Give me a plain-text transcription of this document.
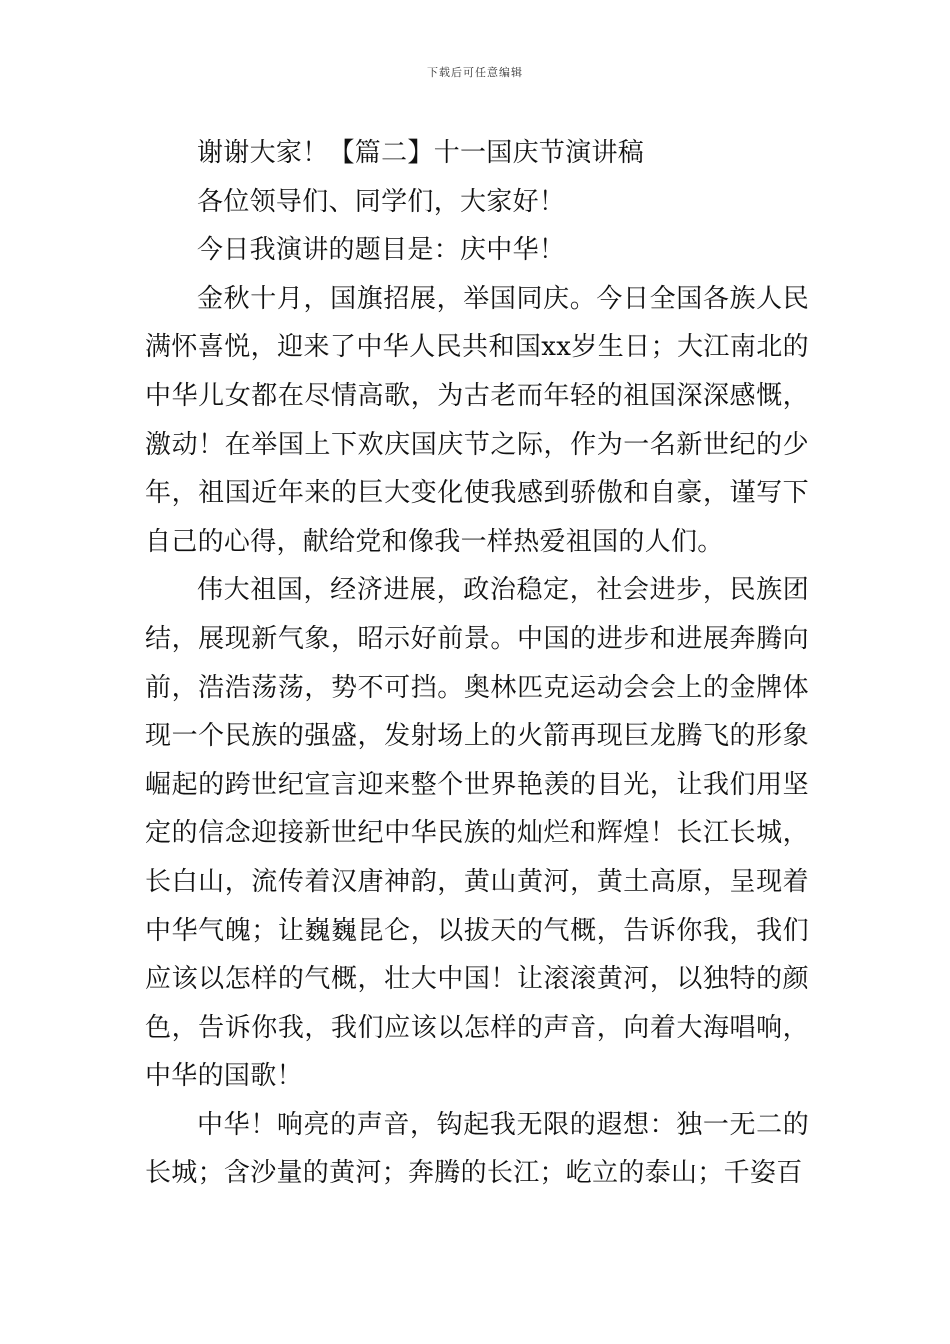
下载后可任意编辑

谢谢大家！【篇二】十一国庆节演讲稿

各位领导们、同学们，大家好！

今日我演讲的题目是：庆中华！

金秋十月，国旗招展，举国同庆。今日全国各族人民满怀喜悦，迎来了中华人民共和国xx岁生日；大江南北的中华儿女都在尽情高歌，为古老而年轻的祖国深深感慨，激动！在举国上下欢庆国庆节之际，作为一名新世纪的少年，祖国近年来的巨大变化使我感到骄傲和自豪，谨写下自己的心得，献给党和像我一样热爱祖国的人们。

伟大祖国，经济进展，政治稳定，社会进步，民族团结，展现新气象，昭示好前景。中国的进步和进展奔腾向前，浩浩荡荡，势不可挡。奥林匹克运动会会上的金牌体现一个民族的强盛，发射场上的火箭再现巨龙腾飞的形象崛起的跨世纪宣言迎来整个世界艳羡的目光，让我们用坚定的信念迎接新世纪中华民族的灿烂和辉煌！长江长城，长白山，流传着汉唐神韵，黄山黄河，黄土高原，呈现着中华气魄；让巍巍昆仑，以拔天的气概，告诉你我，我们应该以怎样的气概，壮大中国！让滚滚黄河，以独特的颜色，告诉你我，我们应该以怎样的声音，向着大海唱响，中华的国歌！

中华！响亮的声音，钩起我无限的遐想：独一无二的长城；含沙量的黄河；奔腾的长江；屹立的泰山；千姿百
